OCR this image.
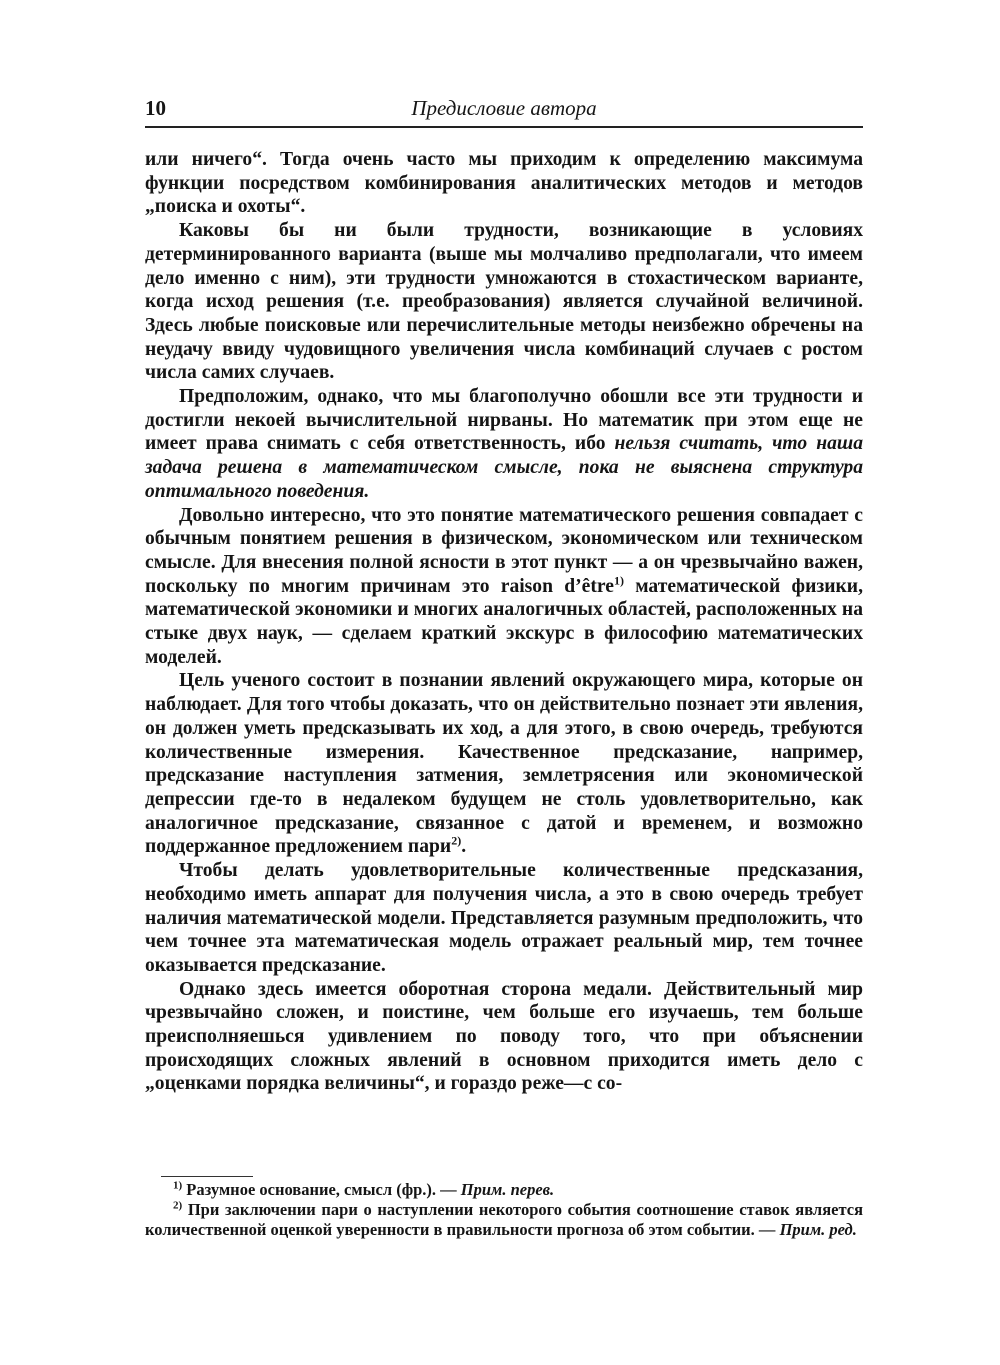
10	Предисловие автора

или ничего“. Тогда очень часто мы приходим к определению максимума функции посредством комбинирования аналитических методов и методов „поиска и охоты“.

Каковы бы ни были трудности, возникающие в условиях детерминированного варианта (выше мы молчаливо предполагали, что имеем дело именно с ним), эти трудности умножаются в стохастическом варианте, когда исход решения (т.е. преобразования) является случайной величиной. Здесь любые поисковые или перечислительные методы неизбежно обречены на неудачу ввиду чудовищного увеличения числа комбинаций случаев с ростом числа самих случаев.

Предположим, однако, что мы благополучно обошли все эти трудности и достигли некоей вычислительной нирваны. Но математик при этом еще не имеет права снимать с себя ответственность, ибо нельзя считать, что наша задача решена в математическом смысле, пока не выяснена структура оптимального поведения.

Довольно интересно, что это понятие математического решения совпадает с обычным понятием решения в физическом, экономическом или техническом смысле. Для внесения полной ясности в этот пункт — а он чрезвычайно важен, поскольку по многим причинам это raison d’être$^{1)}$ математической физики, математической экономики и многих аналогичных областей, расположенных на стыке двух наук, — сделаем краткий экскурс в философию математических моделей.

Цель ученого состоит в познании явлений окружающего мира, которые он наблюдает. Для того чтобы доказать, что он действительно познает эти явления, он должен уметь предсказывать их ход, а для этого, в свою очередь, требуются количественные измерения. Качественное предсказание, например, предсказание наступления затмения, землетрясения или экономической депрессии где-то в недалеком будущем не столь удовлетворительно, как аналогичное предсказание, связанное с датой и временем, и возможно поддержанное предложением пари$^{2)}$.

Чтобы делать удовлетворительные количественные предсказания, необходимо иметь аппарат для получения числа, а это в свою очередь требует наличия математической модели. Представляется разумным предположить, что чем точнее эта математическая модель отражает реальный мир, тем точнее оказывается предсказание.

Однако здесь имеется оборотная сторона медали. Действительный мир чрезвычайно сложен, и поистине, чем больше его изучаешь, тем больше преисполняешься удивлением по поводу того, что при объяснении происходящих сложных явлений в основном приходится иметь дело с „оценками порядка величины“, и гораздо реже—с со-

$^{1)}$ Разумное основание, смысл (фр.). — Прим. перев.

$^{2)}$ При заключении пари о наступлении некоторого события соотношение ставок является количественной оценкой уверенности в правильности прогноза об этом событии. — Прим. ред.
